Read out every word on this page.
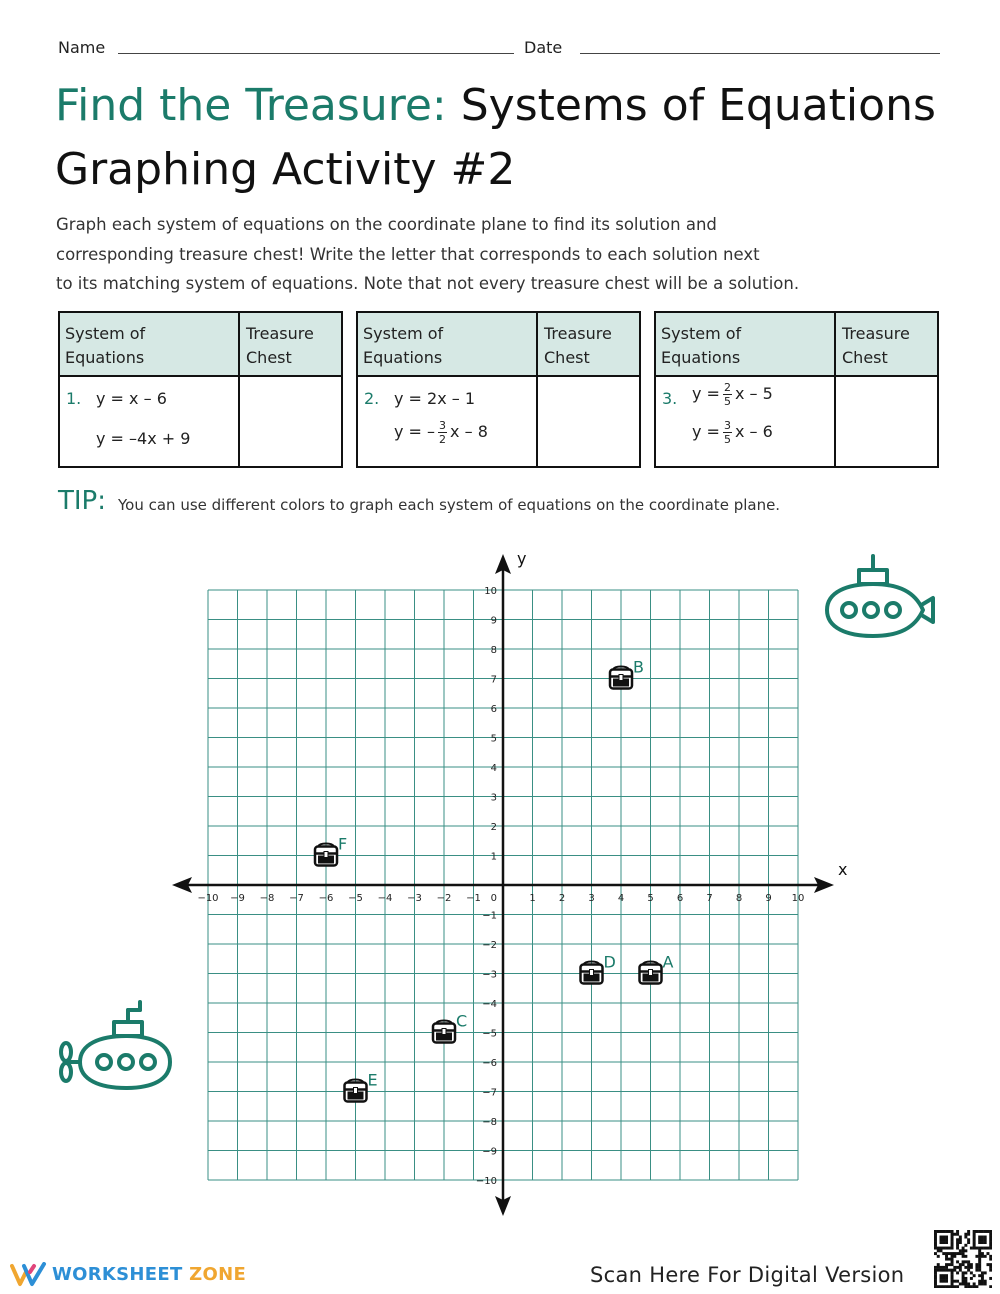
Name	Date
Find the Treasure: Systems of Equations Graphing Activity #2
Graph each system of equations on the coordinate plane to find its solution and
corresponding treasure chest! Write the letter that corresponds to each solution next
to its matching system of equations. Note that not every treasure chest will be a solution.
System of
Equations
Treasure
Chest
1. y = x – 6
y = –4x + 9
System of
Equations
Treasure
Chest
2. y = 2x – 1
y = – $\frac{3}{2}$ x – 8
System of
Equations
Treasure
Chest
3. $y = \frac{2}{5}$ x – 5
$y = \frac{3}{5}$ x – 6
TIP: You can use different colors to graph each system of equations on the coordinate plane.
−10
−10
−9
−9
−8
−8
−7
−7
−6
−6
−5
−5
−4
−4
−3
−3
−2
−2
−1
−1
1
1
2
2
3
3
4
4
5
5
6
6
7
7
8
8
9
9
10
10
0
x
y
A
B
C
D
E
F
WORKSHEET ZONE	Scan Here For Digital Version
